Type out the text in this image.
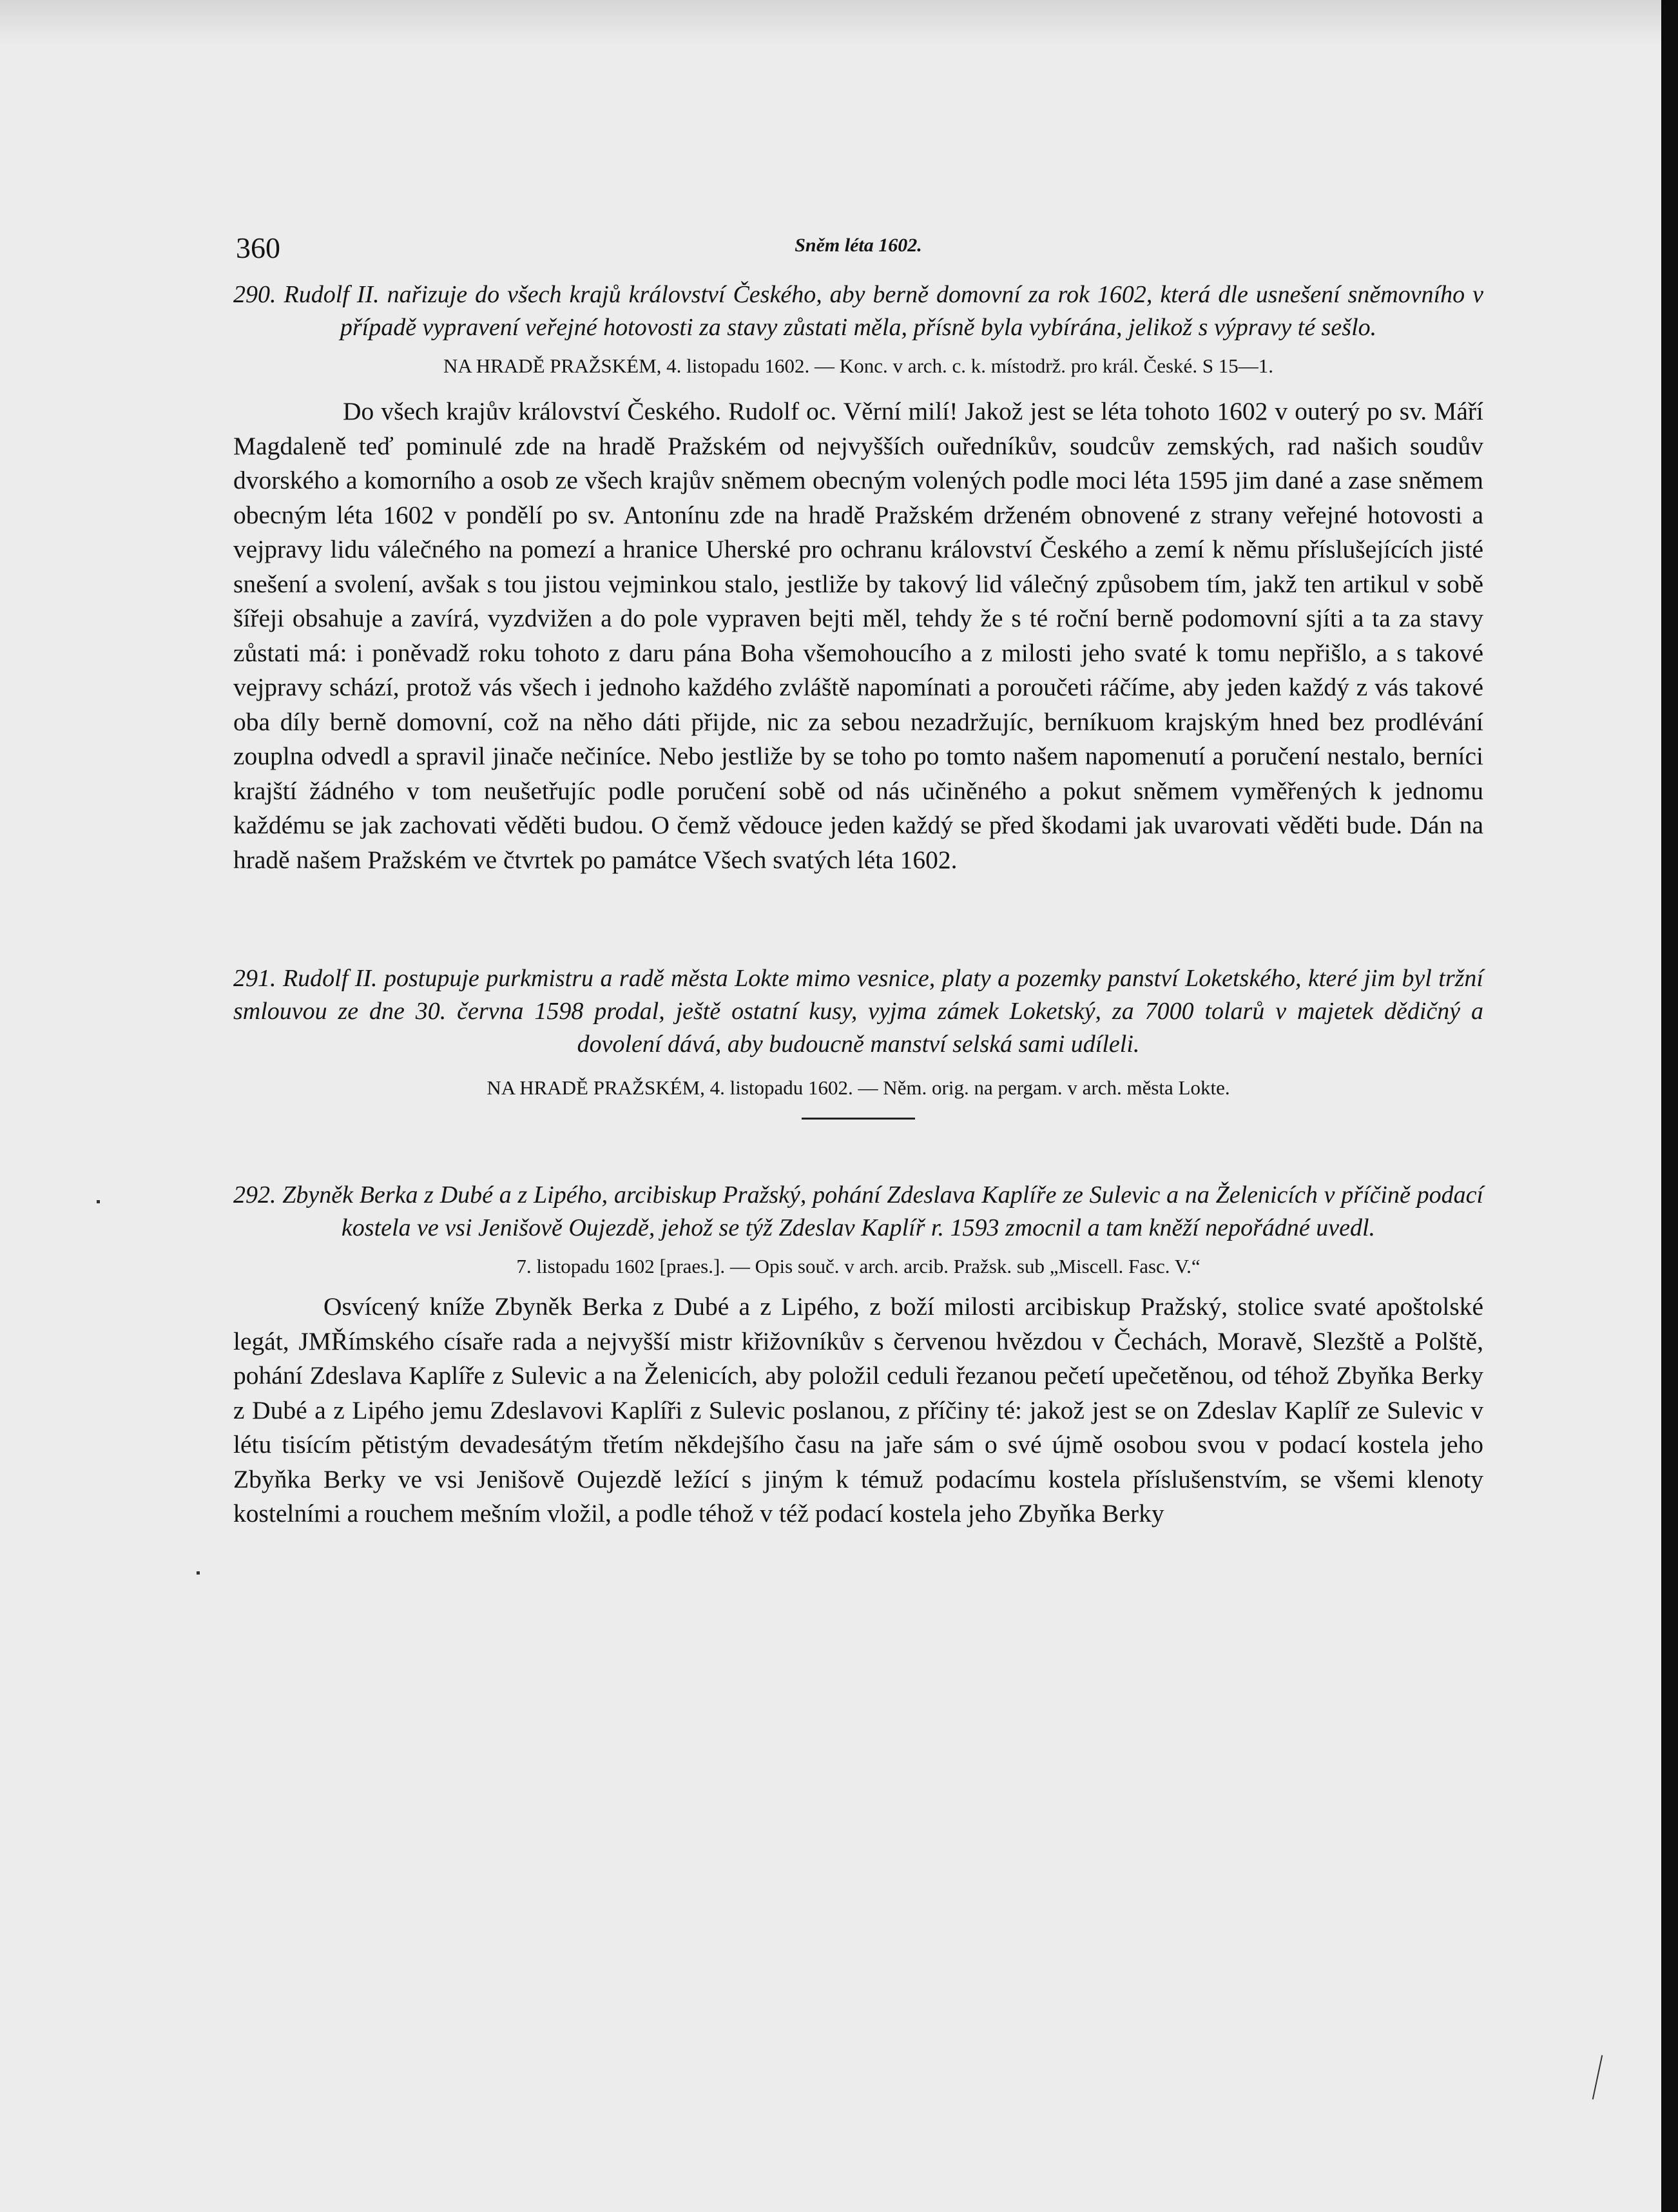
360	Sněm léta 1602.

290. Rudolf II. nařizuje do všech krajů království Českého, aby berně domovní za rok 1602, která dle usnešení sněmovního v případě vypravení veřejné hotovosti za stavy zůstati měla, přísně byla vybírána, jelikož s výpravy té sešlo.

NA HRADĚ PRAŽSKÉM, 4. listopadu 1602. — Konc. v arch. c. k. místodrž. pro král. České. S 15—1.

Do všech krajův království Českého. Rudolf oc. Věrní milí! Jakož jest se léta tohoto 1602 v outerý po sv. Máří Magdaleně teď pominulé zde na hradě Pražském od nejvyšších ouředníkův, soudcův zemských, rad našich soudův dvorského a komorního a osob ze všech krajův sněmem obecným volených podle moci léta 1595 jim dané a zase sněmem obecným léta 1602 v pondělí po sv. Antonínu zde na hradě Pražském drženém obnovené z strany veřejné hotovosti a vejpravy lidu válečného na pomezí a hranice Uherské pro ochranu království Českého a zemí k němu příslušejících jisté snešení a svolení, avšak s tou jistou vejminkou stalo, jestliže by takový lid válečný způsobem tím, jakž ten artikul v sobě šířeji obsahuje a zavírá, vyzdvižen a do pole vypraven bejti měl, tehdy že s té roční berně podomovní sjíti a ta za stavy zůstati má: i poněvadž roku tohoto z daru pána Boha všemohoucího a z milosti jeho svaté k tomu nepřišlo, a s takové vejpravy schází, protož vás všech i jednoho každého zvláště napomínati a poroučeti ráčíme, aby jeden každý z vás takové oba díly berně domovní, což na něho dáti přijde, nic za sebou nezadržujíc, berníkuom krajským hned bez prodlévání zouplna odvedl a spravil jinače nečiníce. Nebo jestliže by se toho po tomto našem napomenutí a poručení nestalo, berníci krajští žádného v tom neušetřujíc podle poručení sobě od nás učiněného a pokut sněmem vyměřených k jednomu každému se jak zachovati věděti budou. O čemž vědouce jeden každý se před škodami jak uvarovati věděti bude. Dán na hradě našem Pražském ve čtvrtek po památce Všech svatých léta 1602.

291. Rudolf II. postupuje purkmistru a radě města Lokte mimo vesnice, platy a pozemky panství Loketského, které jim byl tržní smlouvou ze dne 30. června 1598 prodal, ještě ostatní kusy, vyjma zámek Loketský, za 7000 tolarů v majetek dědičný a dovolení dává, aby budoucně manství selská sami udíleli.

NA HRADĚ PRAŽSKÉM, 4. listopadu 1602. — Něm. orig. na pergam. v arch. města Lokte.

292. Zbyněk Berka z Dubé a z Lipého, arcibiskup Pražský, pohání Zdeslava Kaplíře ze Sulevic a na Želenicích v příčině podací kostela ve vsi Jenišově Oujezdě, jehož se týž Zdeslav Kaplíř r. 1593 zmocnil a tam kněží nepořádné uvedl.

7. listopadu 1602 [praes.]. — Opis souč. v arch. arcib. Pražsk. sub „Miscell. Fasc. V.“

Osvícený kníže Zbyněk Berka z Dubé a z Lipého, z boží milosti arcibiskup Pražský, stolice svaté apoštolské legát, JMŘímského císaře rada a nejvyšší mistr křižovníkův s červenou hvězdou v Čechách, Moravě, Slezště a Polště, pohání Zdeslava Kaplíře z Sulevic a na Želenicích, aby položil ceduli řezanou pečetí upečetěnou, od téhož Zbyňka Berky z Dubé a z Lipého jemu Zdeslavovi Kaplíři z Sulevic poslanou, z příčiny té: jakož jest se on Zdeslav Kaplíř ze Sulevic v létu tisícím pětistým devadesátým třetím někdejšího času na jaře sám o své újmě osobou svou v podací kostela jeho Zbyňka Berky ve vsi Jenišově Oujezdě ležící s jiným k témuž podacímu kostela příslušenstvím, se všemi klenoty kostelními a rouchem mešním vložil, a podle téhož v též podací kostela jeho Zbyňka Berky
